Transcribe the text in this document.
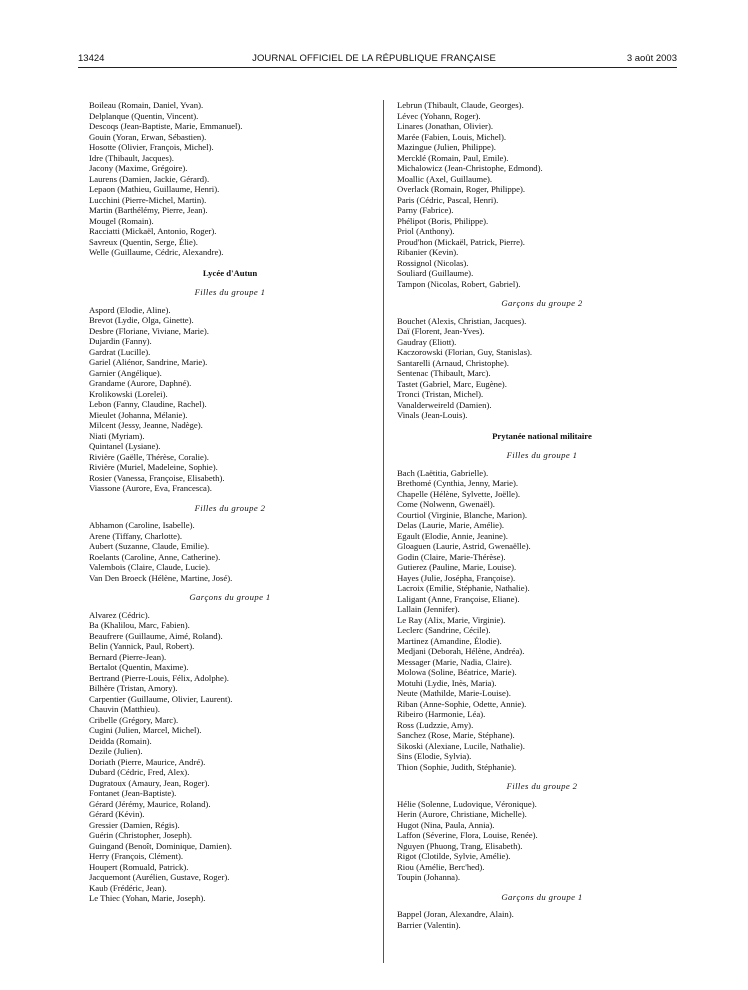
13424	JOURNAL OFFICIEL DE LA RÉPUBLIQUE FRANÇAISE	3 août 2003
Boileau (Romain, Daniel, Yvan).
Delplanque (Quentin, Vincent).
Descoqs (Jean-Baptiste, Marie, Emmanuel).
Gouin (Yoran, Erwan, Sébastien).
Hosotte (Olivier, François, Michel).
Idre (Thibault, Jacques).
Jacony (Maxime, Grégoire).
Laurens (Damien, Jackie, Gérard).
Lepaon (Mathieu, Guillaume, Henri).
Lucchini (Pierre-Michel, Martin).
Martin (Barthélémy, Pierre, Jean).
Mougel (Romain).
Racciatti (Mickaël, Antonio, Roger).
Savreux (Quentin, Serge, Élie).
Welle (Guillaume, Cédric, Alexandre).
Lycée d'Autun
Filles du groupe 1
Aspord (Elodie, Aline).
Brevot (Lydie, Olga, Ginette).
Desbre (Floriane, Viviane, Marie).
Dujardin (Fanny).
Gardrat (Lucille).
Gariel (Aliénor, Sandrine, Marie).
Garnier (Angélique).
Grandame (Aurore, Daphné).
Krolikowski (Lorelei).
Lebon (Fanny, Claudine, Rachel).
Mieulet (Johanna, Mélanie).
Milcent (Jessy, Jeanne, Nadège).
Niati (Myriam).
Quintanel (Lysiane).
Rivière (Gaëlle, Thérèse, Coralie).
Rivière (Muriel, Madeleine, Sophie).
Rosier (Vanessa, Françoise, Elisabeth).
Viassone (Aurore, Eva, Francesca).
Filles du groupe 2
Abhamon (Caroline, Isabelle).
Arene (Tiffany, Charlotte).
Aubert (Suzanne, Claude, Emilie).
Roelants (Caroline, Anne, Catherine).
Valembois (Claire, Claude, Lucie).
Van Den Broeck (Hélène, Martine, José).
Garçons du groupe 1
Alvarez (Cédric).
Ba (Khalilou, Marc, Fabien).
Beaufrere (Guillaume, Aimé, Roland).
Belin (Yannick, Paul, Robert).
Bernard (Pierre-Jean).
Bertalot (Quentin, Maxime).
Bertrand (Pierre-Louis, Félix, Adolphe).
Bilhère (Tristan, Amory).
Carpentier (Guillaume, Olivier, Laurent).
Chauvin (Matthieu).
Cribelle (Grégory, Marc).
Cugini (Julien, Marcel, Michel).
Deidda (Romain).
Dezile (Julien).
Doriath (Pierre, Maurice, André).
Dubard (Cédric, Fred, Alex).
Dugratoux (Amaury, Jean, Roger).
Fontanet (Jean-Baptiste).
Gérard (Jérémy, Maurice, Roland).
Gérard (Kévin).
Gressier (Damien, Régis).
Guérin (Christopher, Joseph).
Guingand (Benoît, Dominique, Damien).
Herry (François, Clément).
Houpert (Romuald, Patrick).
Jacquemont (Aurélien, Gustave, Roger).
Kaub (Frédéric, Jean).
Le Thiec (Yohan, Marie, Joseph).
Lebrun (Thibault, Claude, Georges).
Lévec (Yohann, Roger).
Linares (Jonathan, Olivier).
Marée (Fabien, Louis, Michel).
Mazingue (Julien, Philippe).
Mercklé (Romain, Paul, Emile).
Michalowicz (Jean-Christophe, Edmond).
Moallic (Axel, Guillaume).
Overlack (Romain, Roger, Philippe).
Paris (Cédric, Pascal, Henri).
Parny (Fabrice).
Phélipot (Boris, Philippe).
Priol (Anthony).
Proud'hon (Mickaël, Patrick, Pierre).
Ribanier (Kevin).
Rossignol (Nicolas).
Souliard (Guillaume).
Tampon (Nicolas, Robert, Gabriel).
Garçons du groupe 2
Bouchet (Alexis, Christian, Jacques).
Daï (Florent, Jean-Yves).
Gaudray (Eliott).
Kaczorowski (Florian, Guy, Stanislas).
Santarelli (Arnaud, Christophe).
Sentenac (Thibault, Marc).
Tastet (Gabriel, Marc, Eugène).
Tronci (Tristan, Michel).
Vanalderweireld (Damien).
Vinals (Jean-Louis).
Prytanée national militaire
Filles du groupe 1
Bach (Laëtitia, Gabrielle).
Brethomé (Cynthia, Jenny, Marie).
Chapelle (Hélène, Sylvette, Joëlle).
Come (Nolwenn, Gwenaël).
Courtiol (Virginie, Blanche, Marion).
Delas (Laurie, Marie, Amélie).
Egault (Elodie, Annie, Jeanine).
Gloaguen (Laurie, Astrid, Gwenaëlle).
Godin (Claire, Marie-Thérèse).
Gutierez (Pauline, Marie, Louise).
Hayes (Julie, Josépha, Françoise).
Lacroix (Emilie, Stéphanie, Nathalie).
Laligant (Anne, Françoise, Eliane).
Lallain (Jennifer).
Le Ray (Alix, Marie, Virginie).
Leclerc (Sandrine, Cécile).
Martinez (Amandine, Élodie).
Medjani (Deborah, Hélène, Andréa).
Messager (Marie, Nadia, Claire).
Molowa (Soline, Béatrice, Marie).
Motuhi (Lydie, Inès, Maria).
Neute (Mathilde, Marie-Louise).
Riban (Anne-Sophie, Odette, Annie).
Ribeiro (Harmonie, Léa).
Ross (Ludzzie, Amy).
Sanchez (Rose, Marie, Stéphane).
Sikoski (Alexiane, Lucile, Nathalie).
Sins (Elodie, Sylvia).
Thion (Sophie, Judith, Stéphanie).
Filles du groupe 2
Hélie (Solenne, Ludovique, Véronique).
Herin (Aurore, Christiane, Michelle).
Hugot (Nina, Paula, Annia).
Laffon (Séverine, Flora, Louise, Renée).
Nguyen (Phuong, Trang, Elisabeth).
Rigot (Clotilde, Sylvie, Amélie).
Riou (Amélie, Berc'hed).
Toupin (Johanna).
Garçons du groupe 1
Bappel (Joran, Alexandre, Alain).
Barrier (Valentin).
